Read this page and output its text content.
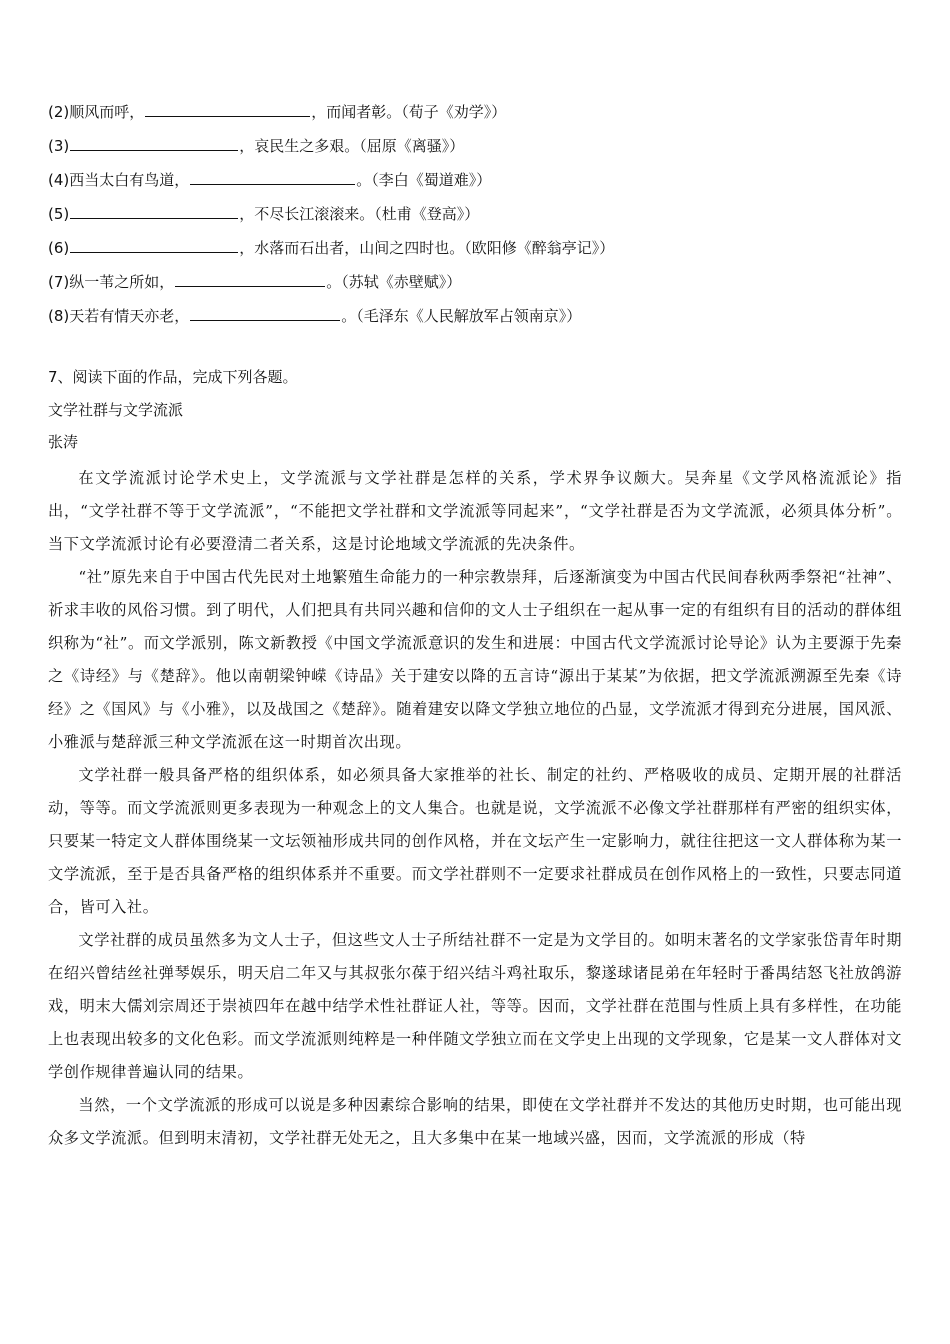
(2)顺风而呼，	，而闻者彰。（荀子《劝学》）
(3)	，哀民生之多艰。（屈原《离骚》）
(4)西当太白有鸟道，	。（李白《蜀道难》）
(5)	，不尽长江滚滚来。（杜甫《登高》）
(6)	，水落而石出者，山间之四时也。（欧阳修《醉翁亭记》）
(7)纵一苇之所如，	。（苏轼《赤壁赋》）
(8)天若有情天亦老，	。（毛泽东《人民解放军占领南京》）
7、阅读下面的作品，完成下列各题。
文学社群与文学流派
张涛

在文学流派讨论学术史上，文学流派与文学社群是怎样的关系，学术界争议颇大。吴奔星《文学风格流派论》指出，“文学社群不等于文学流派”，“不能把文学社群和文学流派等同起来”，“文学社群是否为文学流派，必须具体分析”。当下文学流派讨论有必要澄清二者关系，这是讨论地域文学流派的先决条件。

“社”原先来自于中国古代先民对土地繁殖生命能力的一种宗教崇拜，后逐渐演变为中国古代民间春秋两季祭祀“社神”、祈求丰收的风俗习惯。到了明代，人们把具有共同兴趣和信仰的文人士子组织在一起从事一定的有组织有目的活动的群体组织称为“社”。而文学派别，陈文新教授《中国文学流派意识的发生和进展：中国古代文学流派讨论导论》认为主要源于先秦之《诗经》与《楚辞》。他以南朝梁钟嵘《诗品》关于建安以降的五言诗“源出于某某”为依据，把文学流派溯源至先秦《诗经》之《国风》与《小雅》，以及战国之《楚辞》。随着建安以降文学独立地位的凸显，文学流派才得到充分进展，国风派、小雅派与楚辞派三种文学流派在这一时期首次出现。

文学社群一般具备严格的组织体系，如必须具备大家推举的社长、制定的社约、严格吸收的成员、定期开展的社群活动，等等。而文学流派则更多表现为一种观念上的文人集合。也就是说，文学流派不必像文学社群那样有严密的组织实体，只要某一特定文人群体围绕某一文坛领袖形成共同的创作风格，并在文坛产生一定影响力，就往往把这一文人群体称为某一文学流派，至于是否具备严格的组织体系并不重要。而文学社群则不一定要求社群成员在创作风格上的一致性，只要志同道合，皆可入社。

文学社群的成员虽然多为文人士子，但这些文人士子所结社群不一定是为文学目的。如明末著名的文学家张岱青年时期在绍兴曾结丝社弹琴娱乐，明天启二年又与其叔张尔葆于绍兴结斗鸡社取乐，黎遂球诸昆弟在年轻时于番禺结怒飞社放鸽游戏，明末大儒刘宗周还于崇祯四年在越中结学术性社群证人社，等等。因而，文学社群在范围与性质上具有多样性，在功能上也表现出较多的文化色彩。而文学流派则纯粹是一种伴随文学独立而在文学史上出现的文学现象，它是某一文人群体对文学创作规律普遍认同的结果。

当然，一个文学流派的形成可以说是多种因素综合影响的结果，即使在文学社群并不发达的其他历史时期，也可能出现众多文学流派。但到明末清初，文学社群无处无之，且大多集中在某一地域兴盛，因而，文学流派的形成（特
